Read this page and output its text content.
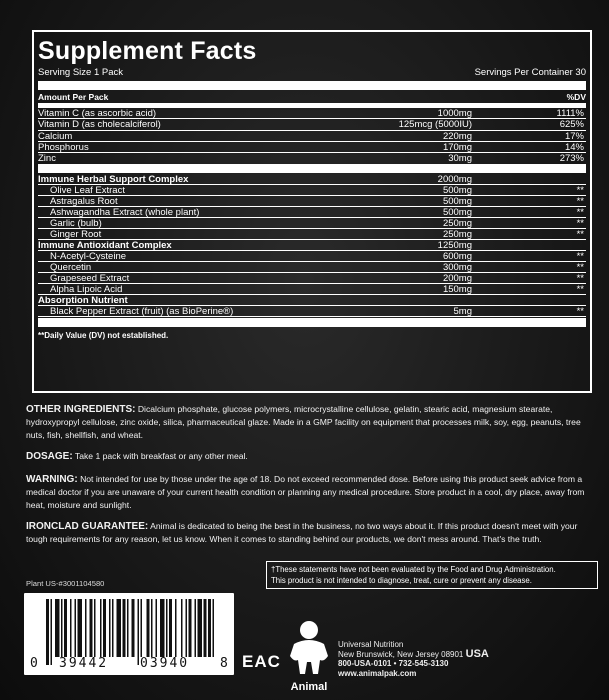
Supplement Facts
Serving Size 1 Pack	Servings Per Container 30
Amount Per Pack	%DV
Vitamin C (as ascorbic acid)	1000mg	1111%
Vitamin D (as cholecalciferol)	125mcg (5000IU)	625%
Calcium	220mg	17%
Phosphorus	170mg	14%
Zinc	30mg	273%
Immune Herbal Support Complex	2000mg
Olive Leaf Extract	500mg	**
Astragalus Root	500mg	**
Ashwagandha Extract (whole plant)	500mg	**
Garlic (bulb)	250mg	**
Ginger Root	250mg	**
Immune Antioxidant Complex	1250mg
N-Acetyl-Cysteine	600mg	**
Quercetin	300mg	**
Grapeseed Extract	200mg	**
Alpha Lipoic Acid	150mg	**
Absorption Nutrient
Black Pepper Extract (fruit) (as BioPerine®)	5mg	**
**Daily Value (DV) not established.
OTHER INGREDIENTS: Dicalcium phosphate, glucose polymers, microcrystalline cellulose, gelatin, stearic acid, magnesium stearate, hydroxypropyl cellulose, zinc oxide, silica, pharmaceutical glaze. Made in a GMP facility on equipment that processes milk, soy, egg, peanuts, tree nuts, fish, shellfish, and wheat.
DOSAGE: Take 1 pack with breakfast or any other meal.
WARNING: Not intended for use by those under the age of 18. Do not exceed recommended dose. Before using this product seek advice from a medical doctor if you are unaware of your current health condition or planning any medical procedure. Store product in a cool, dry place, away from heat, moisture and sunlight.
IRONCLAD GUARANTEE: Animal is dedicated to being the best in the business, no two ways about it. If this product doesn't meet with your tough requirements for any reason, let us know. When it comes to standing behind our products, we don't mess around. That's the truth.
†These statements have not been evaluated by the Food and Drug Administration.
This product is not intended to diagnose, treat, cure or prevent any disease.
Plant US-#3001104580
0 39442 03940 8 EAC
Animal
Universal Nutrition
New Brunswick, New Jersey 08901 USA
800-USA-0101 • 732-545-3130
www.animalpak.com
